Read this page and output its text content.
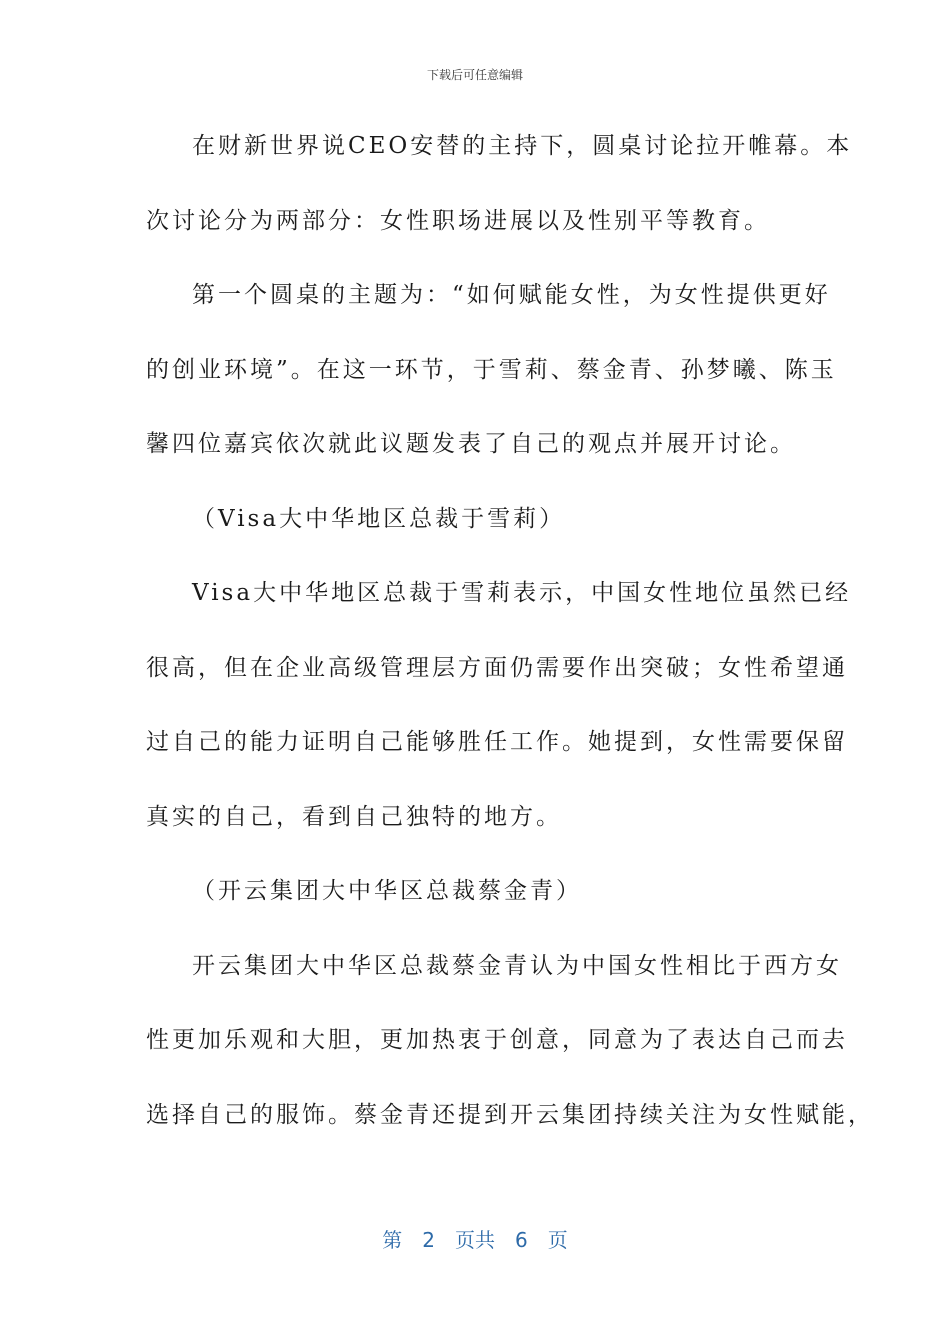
下载后可任意编辑
在财新世界说CEO安替的主持下，圆桌讨论拉开帷幕。本
次讨论分为两部分：女性职场进展以及性别平等教育。
第一个圆桌的主题为：“如何赋能女性，为女性提供更好
的创业环境”。在这一环节，于雪莉、蔡金青、孙梦曦、陈玉
馨四位嘉宾依次就此议题发表了自己的观点并展开讨论。
（Visa大中华地区总裁于雪莉）
Visa大中华地区总裁于雪莉表示，中国女性地位虽然已经
很高，但在企业高级管理层方面仍需要作出突破；女性希望通
过自己的能力证明自己能够胜任工作。她提到，女性需要保留
真实的自己，看到自己独特的地方。
（开云集团大中华区总裁蔡金青）
开云集团大中华区总裁蔡金青认为中国女性相比于西方女
性更加乐观和大胆，更加热衷于创意，同意为了表达自己而去
选择自己的服饰。蔡金青还提到开云集团持续关注为女性赋能，
第 2 页共 6 页
